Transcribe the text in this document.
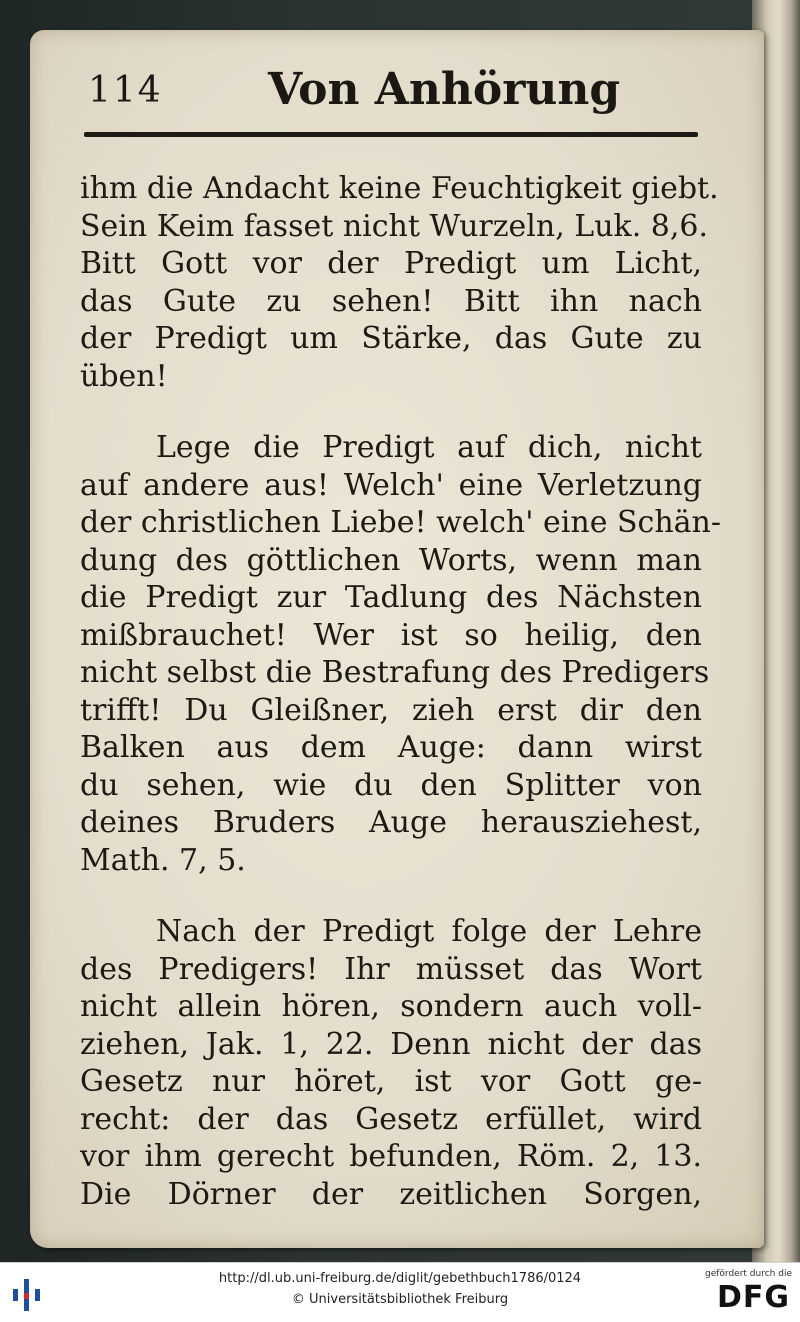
114 Von Anhörung
ihm die Andacht keine Feuchtigkeit giebt.
Sein Keim fasset nicht Wurzeln, Luk. 8,6.
Bitt Gott vor der Predigt um Licht,
das Gute zu sehen! Bitt ihn nach
der Predigt um Stärke, das Gute zu
üben!
Lege die Predigt auf dich, nicht
auf andere aus! Welch' eine Verletzung
der christlichen Liebe! welch' eine Schän-
dung des göttlichen Worts, wenn man
die Predigt zur Tadlung des Nächsten
mißbrauchet! Wer ist so heilig, den
nicht selbst die Bestrafung des Predigers
trifft! Du Gleißner, zieh erst dir den
Balken aus dem Auge: dann wirst
du sehen, wie du den Splitter von
deines Bruders Auge herausziehest,
Math. 7, 5.
Nach der Predigt folge der Lehre
des Predigers! Ihr müsset das Wort
nicht allein hören, sondern auch voll-
ziehen, Jak. 1, 22. Denn nicht der das
Gesetz nur höret, ist vor Gott ge-
recht: der das Gesetz erfüllet, wird
vor ihm gerecht befunden, Röm. 2, 13.
Die Dörner der zeitlichen Sorgen,
http://dl.ub.uni-freiburg.de/diglit/gebethbuch1786/0124
© Universitätsbibliothek Freiburg
gefördert durch die
DFG
